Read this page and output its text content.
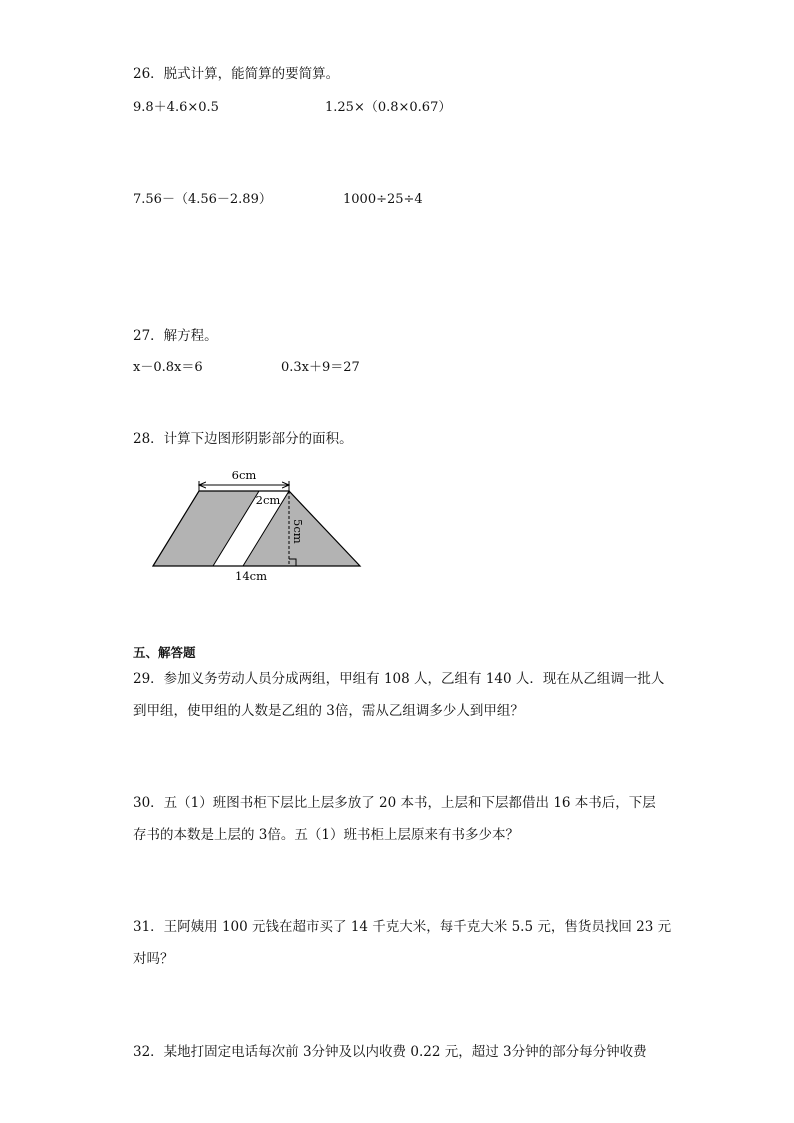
26．脱式计算，能简算的要简算。
9.8＋4.6×0.5	1.25×（0.8×0.67）
7.56－（4.56－2.89）	1000÷25÷4
27．解方程。
x－0.8x＝6	0.3x＋9＝27
28．计算下边图形阴影部分的面积。
6cm
2cm
5cm
14cm
五、解答题
29．参加义务劳动人员分成两组，甲组有 108 人，乙组有 140 人．现在从乙组调一批人
到甲组，使甲组的人数是乙组的 3倍，需从乙组调多少人到甲组？
30．五（1）班图书柜下层比上层多放了 20 本书，上层和下层都借出 16 本书后，下层
存书的本数是上层的 3倍。五（1）班书柜上层原来有书多少本？
31．王阿姨用 100 元钱在超市买了 14 千克大米，每千克大米 5.5 元，售货员找回 23 元
对吗？
32．某地打固定电话每次前 3分钟及以内收费 0.22 元，超过 3分钟的部分每分钟收费
